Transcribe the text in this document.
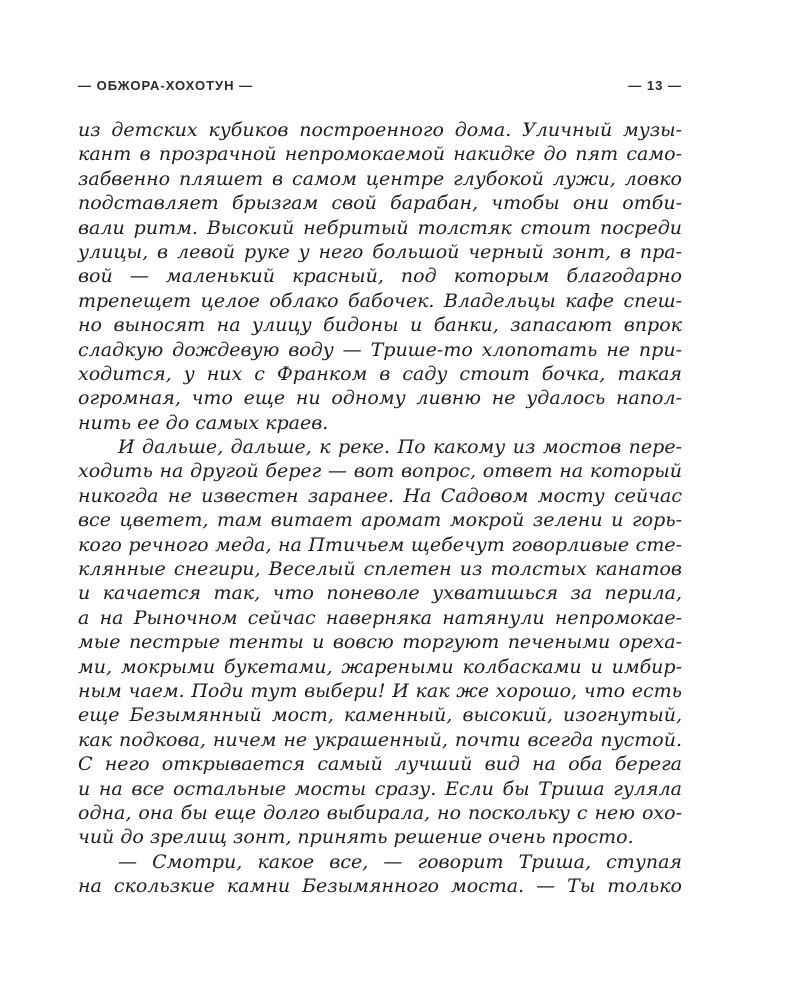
— ОБЖОРА-ХОХОТУН —	— 13 —
из детских кубиков построенного дома. Уличный музы-
кант в прозрачной непромокаемой накидке до пят само-
забвенно пляшет в самом центре глубокой лужи, ловко
подставляет брызгам свой барабан, чтобы они отби-
вали ритм. Высокий небритый толстяк стоит посреди
улицы, в левой руке у него большой черный зонт, в пра-
вой — маленький красный, под которым благодарно
трепещет целое облако бабочек. Владельцы кафе спеш-
но выносят на улицу бидоны и банки, запасают впрок
сладкую дождевую воду — Трише-то хлопотать не при-
ходится, у них с Франком в саду стоит бочка, такая
огромная, что еще ни одному ливню не удалось напол-
нить ее до самых краев.
И дальше, дальше, к реке. По какому из мостов пере-
ходить на другой берег — вот вопрос, ответ на который
никогда не известен заранее. На Садовом мосту сейчас
все цветет, там витает аромат мокрой зелени и горь-
кого речного меда, на Птичьем щебечут говорливые сте-
клянные снегири, Веселый сплетен из толстых канатов
и качается так, что поневоле ухватишься за перила,
а на Рыночном сейчас наверняка натянули непромокае-
мые пестрые тенты и вовсю торгуют печеными ореха-
ми, мокрыми букетами, жареными колбасками и имбир-
ным чаем. Поди тут выбери! И как же хорошо, что есть
еще Безымянный мост, каменный, высокий, изогнутый,
как подкова, ничем не украшенный, почти всегда пустой.
С него открывается самый лучший вид на оба берега
и на все остальные мосты сразу. Если бы Триша гуляла
одна, она бы еще долго выбирала, но поскольку с нею охо-
чий до зрелищ зонт, принять решение очень просто.
— Смотри, какое все, — говорит Триша, ступая
на скользкие камни Безымянного моста. — Ты только
